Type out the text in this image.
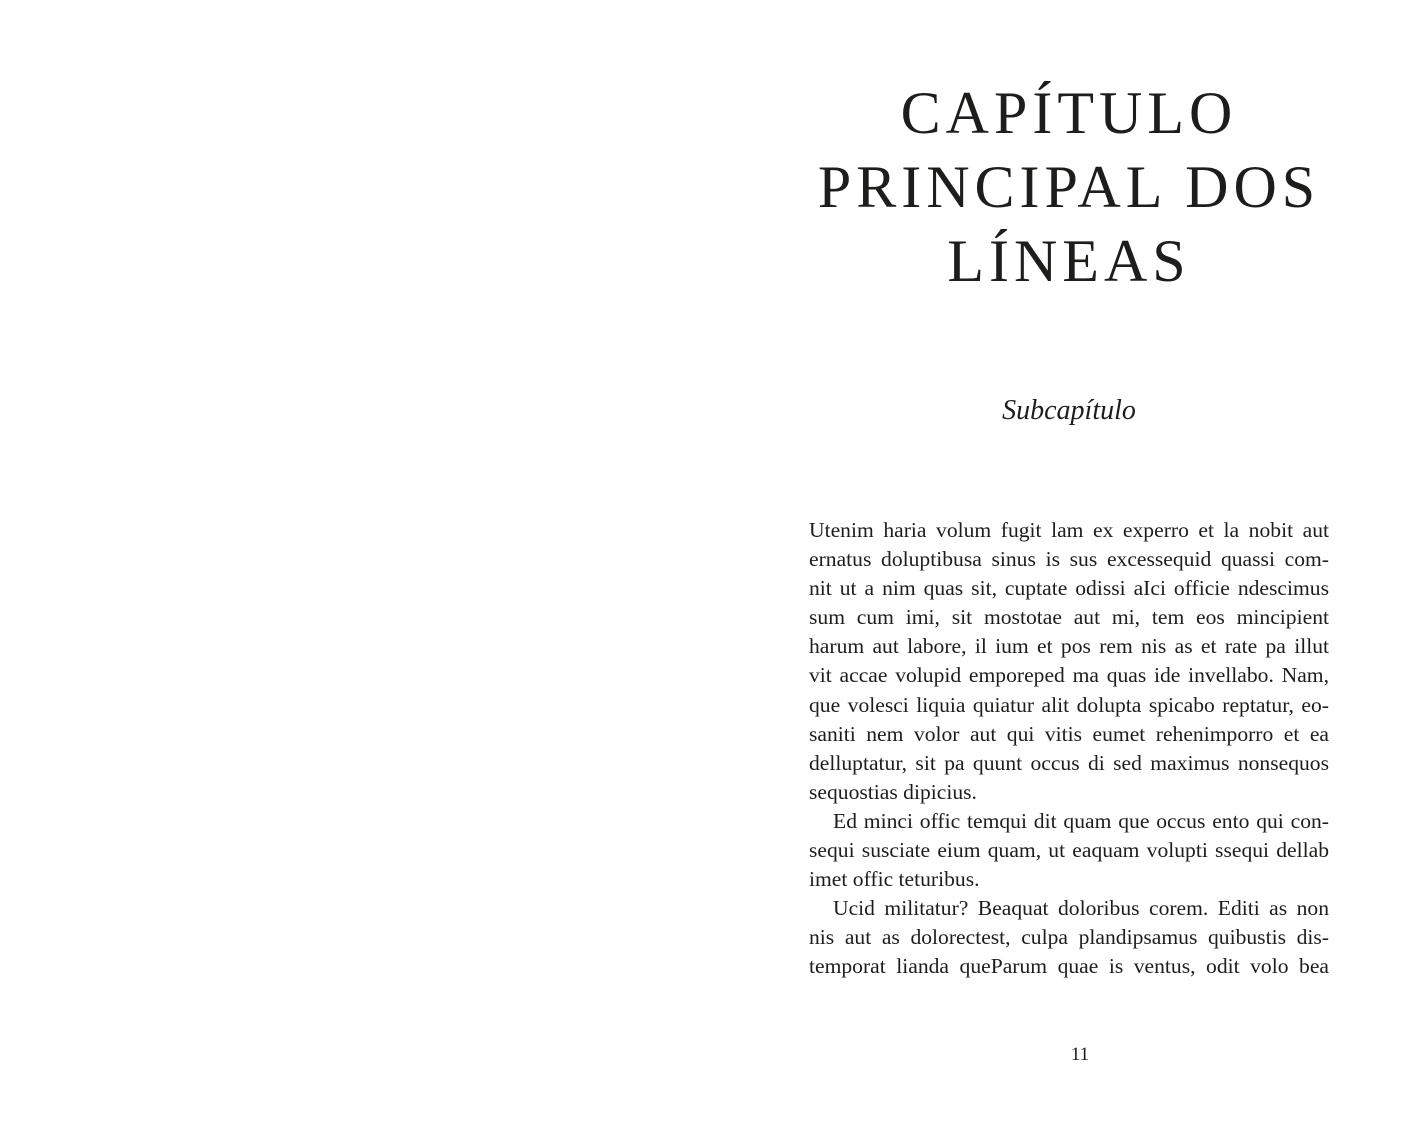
CAPÍTULO
PRINCIPAL DOS
LÍNEAS
Subcapítulo
Utenim haria volum fugit lam ex experro et la nobit aut
ernatus doluptibusa sinus is sus excessequid quassi com-
nit ut a nim quas sit, cuptate odissi aIci officie ndescimus
sum cum imi, sit mostotae aut mi, tem eos mincipient
harum aut labore, il ium et pos rem nis as et rate pa illut
vit accae volupid emporeped ma quas ide invellabo. Nam,
que volesci liquia quiatur alit dolupta spicabo reptatur, eo-
saniti nem volor aut qui vitis eumet rehenimporro et ea
delluptatur, sit pa quunt occus di sed maximus nonsequos
sequostias dipicius.
Ed minci offic temqui dit quam que occus ento qui con-
sequi susciate eium quam, ut eaquam volupti ssequi dellab
imet offic teturibus.
Ucid militatur? Beaquat doloribus corem. Editi as non
nis aut as dolorectest, culpa plandipsamus quibustis dis-
temporat lianda queParum quae is ventus, odit volo bea
11
